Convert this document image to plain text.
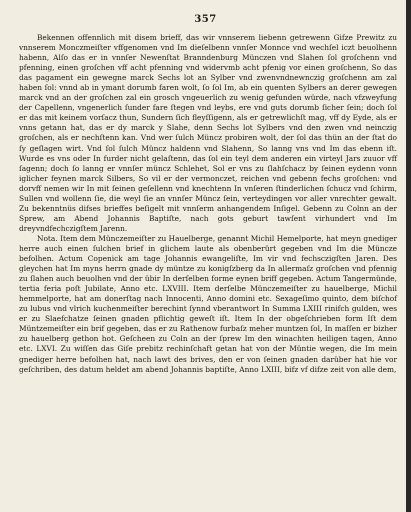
357

Bekennen offennlich mit disem brieff, das wir vnnserem liebenn getrewenn Gifze Prewitz zu vnnserem Monczmeiſter vffgenomen vnd Im dieſelbenn vnnſer Monnce vnd wechſel iczt beuolhenn habenn, Alſo das er in vnnſer Newenſtat Branndenburg Münczen vnd Slahen ſol groſchenn vnd pfenning, einen groſchen vff acht pfenning vnd widervmb acht pfenig vor einen groſchenn, So das das pagament ein gewegne marck Sechs lot an Sylber vnd zwenvndnewnczig groſchenn am zal haben ſol: vnnd ab in ymant dorumb faren wolt, ſo ſol Im, ab ein quenten Sylbers an derer gewegen marck vnd an der groſchen zal ein grosch vngeuerlich zu wenig gefunden würde, nach vfzweyfung der Capellenn, vngenerlich ſunder fare ſtegen vnd leybs, ere vnd guts dorumb ſicher ſein; doch ſol er das mit keinem vorſacz thun, Sundern ſich fleyſſigenn, als er getrewlichſt mag, vff dy Eyde, als er vnns getann hat, das er dy marck y Slahe, denn Sechs lot Sylbers vnd den zwen vnd neinczig groſchen, als er nechſtenn kan. Vnd wer ſulch Müncz probiren wolt, der ſol das thün an der ſtat do ſy geſlagen wirt. Vnd ſol ſulch Müncz haldenn vnd Slahenn, So lanng vns vnd Im das ebenn iſt. Wurde es vns oder In furder nicht gelaſtenn, das ſol ein teyl dem anderen ein virteyl Jars zuuor vff ſagenn; doch ſo lanng er vnnſer müncz Schlehet, Sol er vns zu ſlahſchacz by ſeinen eydenn vonn iglicher feynen marck Silbers, So vil er der vermonczet, reichen vnd gebenn fechs groſchen: vnd dorvff nemen wir In mit ſeinen geſellenn vnd knechtenn In vnſeren ſtinderlichen ſchucz vnd ſchirm, Sullen vnd wollenn ſie, die weyl ſie an vnnſer Müncz ſein, verteydingen vor aller vnrechter gewalt. Zu bekenntnüs difses brieffes beſigelt mit vnnſerm anhangendem Inſigel. Gebenn zu Colnn an der Sprew, am Abend Johannis Baptiſte, nach gots geburt tawſent virhundert vnd Im dreyvndfechczigſtem Jarenn.

Nota. Item dem Münczemeiſter zu Hauelberge, genannt Michil Hemelporte, hat meyn gnediger herre auch einen ſulchen brief in glichem laute als obenberürt gegeben vnd Im die Müncze befolhen. Actum Copenick am tage Johannis ewangeliſte, Im vir vnd fechsczigſten Jaren. Des gleychen hat Im myns herrn gnade dy müntze zu konigſzberg da In allermaſz groſchen vnd pfennig zu ſlahen auch beuolhen vnd der übir In derſelben forme eynen briff gegeben. Actum Tangermünde, tertia feria poſt Jubilate, Anno etc. LXVIII. Item derſelbe Münczemeiſter zu hauelberge, Michil hemmelporte, hat am donerſtag nach Innocenti, Anno domini etc. Sexageſimo quinto, dem biſchof zu lubus vnd vlrich kuchenmeiſter berechint ſynnd vberantwort In Summa LXIII rinifch gulden, wes er zu Slaefchatze ſeinen gnaden pflichtig geweſt iſt. Item In der obgeſchrieben form Iſt dem Müntzemeiſter ein brif gegeben, das er zu Rathenow furbaſz meher muntzen ſol, In maſſen er bizher zu hauelberg gethon hot. Geſcheen zu Coln an der ſprew Im den winachten heiligen tagen, Anno etc. LXVI. Zu wiſſen das Giſe prebitz rechinſchaft getan hat von der Müntie wegen, die Im mein gnediger herre befolhen hat, nach lawt des brives, den er von ſeinen gnaden darüber hat hie vor geſchriben, des datum heldet am abend Johannis baptiſte, Anno LXIII, bifz vf difze zeit von alle dem,
